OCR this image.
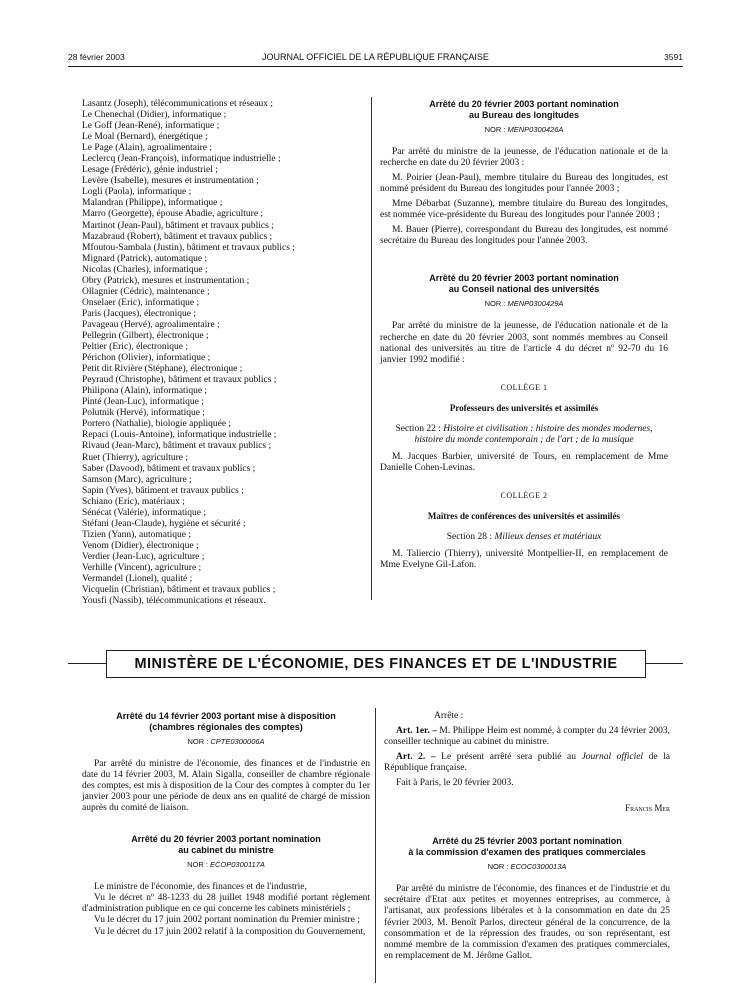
28 février 2003	JOURNAL OFFICIEL DE LA RÉPUBLIQUE FRANÇAISE	3591
Lasantz (Joseph), télécommunications et réseaux ;
Le Chenechal (Didier), informatique ;
Le Goff (Jean-René), informatique ;
Le Moal (Bernard), énergétique ;
Le Page (Alain), agroalimentaire ;
Leclercq (Jean-François), informatique industrielle ;
Lesage (Frédéric), génie industriel ;
Levère (Isabelle), mesures et instrumentation ;
Logli (Paola), informatique ;
Malandran (Philippe), informatique ;
Marro (Georgette), épouse Abadie, agriculture ;
Martinot (Jean-Paul), bâtiment et travaux publics ;
Mazabraud (Robert), bâtiment et travaux publics ;
Mfoutou-Sambala (Justin), bâtiment et travaux publics ;
Mignard (Patrick), automatique ;
Nicolas (Charles), informatique ;
Obry (Patrick), mesures et instrumentation ;
Ollagnier (Cédric), maintenance ;
Onselaer (Eric), informatique ;
Paris (Jacques), électronique ;
Pavageau (Hervé), agroalimentaire ;
Pellegrin (Gilbert), électronique ;
Peltier (Eric), électronique ;
Périchon (Olivier), informatique ;
Petit dit Rivière (Stéphane), électronique ;
Peyraud (Christophe), bâtiment et travaux publics ;
Philipona (Alain), informatique ;
Pinté (Jean-Luc), informatique ;
Polutnik (Hervé), informatique ;
Portero (Nathalie), biologie appliquée ;
Repaci (Louis-Antoine), informatique industrielle ;
Rivaud (Jean-Marc), bâtiment et travaux publics ;
Ruet (Thierry), agriculture ;
Saber (Davood), bâtiment et travaux publics ;
Samson (Marc), agriculture ;
Sapin (Yves), bâtiment et travaux publics ;
Schiano (Eric), matériaux ;
Sénécat (Valérie), informatique ;
Stéfani (Jean-Claude), hygiène et sécurité ;
Tizien (Yann), automatique ;
Venom (Didier), électronique ;
Verdier (Jean-Luc), agriculture ;
Verhille (Vincent), agriculture ;
Vermandel (Lionel), qualité ;
Vicquelin (Christian), bâtiment et travaux publics ;
Yousfi (Nassib), télécommunications et réseaux.
Arrêté du 20 février 2003 portant nomination
au Bureau des longitudes
NOR : MENP0300426A

Par arrêté du ministre de la jeunesse, de l'éducation nationale et de la recherche en date du 20 février 2003 :

M. Poirier (Jean-Paul), membre titulaire du Bureau des longitudes, est nommé président du Bureau des longitudes pour l'année 2003 ;

Mme Débarbat (Suzanne), membre titulaire du Bureau des longitudes, est nommée vice-présidente du Bureau des longitudes pour l'année 2003 ;

M. Bauer (Pierre), correspondant du Bureau des longitudes, est nommé secrétaire du Bureau des longitudes pour l'année 2003.

Arrêté du 20 février 2003 portant nomination
au Conseil national des universités
NOR : MENP0300429A

Par arrêté du ministre de la jeunesse, de l'éducation nationale et de la recherche en date du 20 février 2003, sont nommés membres au Conseil national des universités au titre de l'article 4 du décret nº 92-70 du 16 janvier 1992 modifié :

COLLÈGE 1
Professeurs des universités et assimilés

Section 22 : Histoire et civilisation : histoire des mondes modernes, histoire du monde contemporain ; de l'art ; de la musique

M. Jacques Barbier, université de Tours, en remplacement de Mme Danielle Cohen-Levinas.

COLLÈGE 2
Maîtres de conférences des universités et assimilés

Section 28 : Milieux denses et matériaux

M. Taliercio (Thierry), université Montpellier-II, en remplacement de Mme Evelyne Gil-Lafon.

MINISTÈRE DE L'ÉCONOMIE, DES FINANCES ET DE L'INDUSTRIE
Arrêté du 14 février 2003 portant mise à disposition
(chambres régionales des comptes)
NOR : CPTE0300006A

Par arrêté du ministre de l'économie, des finances et de l'industrie en date du 14 février 2003, M. Alain Sigalla, conseiller de chambre régionale des comptes, est mis à disposition de la Cour des comptes à compter du 1er janvier 2003 pour une période de deux ans en qualité de chargé de mission auprès du comité de liaison.

Arrêté du 20 février 2003 portant nomination
au cabinet du ministre
NOR : ECOP0300117A

Le ministre de l'économie, des finances et de l'industrie,

Vu le décret nº 48-1233 du 28 juillet 1948 modifié portant règlement d'administration publique en ce qui concerne les cabinets ministériels ;

Vu le décret du 17 juin 2002 portant nomination du Premier ministre ;

Vu le décret du 17 juin 2002 relatif à la composition du Gouvernement,

Arrête :

Art. 1er. – M. Philippe Heim est nommé, à compter du 24 février 2003, conseiller technique au cabinet du ministre.

Art. 2. – Le présent arrêté sera publié au Journal officiel de la République française.

Fait à Paris, le 20 février 2003.

Francis Mer
Arrêté du 25 février 2003 portant nomination
à la commission d'examen des pratiques commerciales
NOR : ECOC0300013A

Par arrêté du ministre de l'économie, des finances et de l'industrie et du secrétaire d'Etat aux petites et moyennes entreprises, au commerce, à l'artisanat, aux professions libérales et à la consommation en date du 25 février 2003, M. Benoît Parlos, directeur général de la concurrence, de la consommation et de la répression des fraudes, ou son représentant, est nommé membre de la commission d'examen des pratiques commerciales, en remplacement de M. Jérôme Gallot.
